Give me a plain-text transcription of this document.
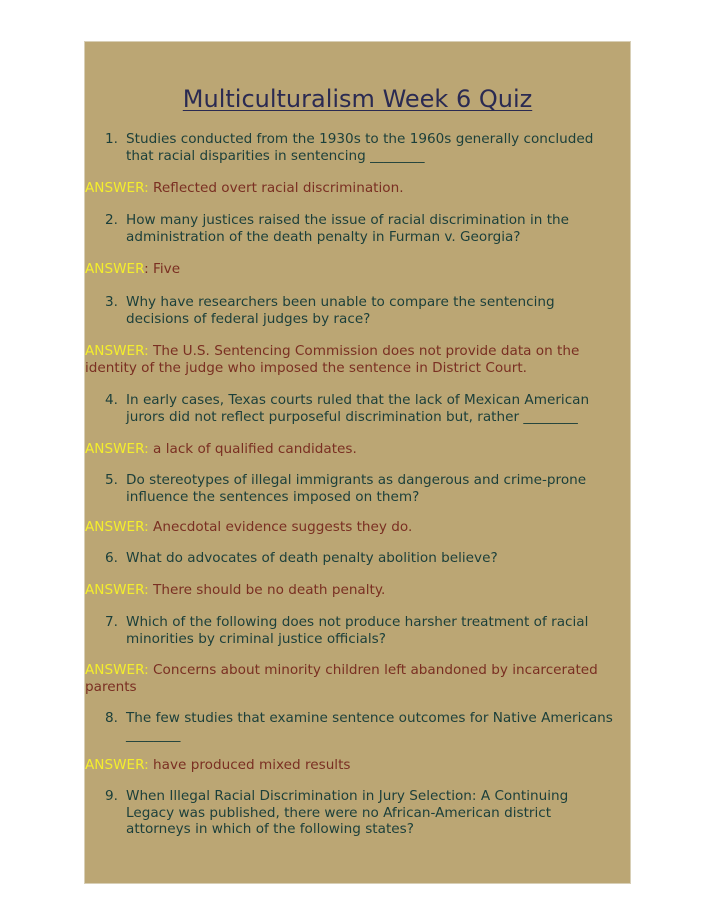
Multiculturalism Week 6 Quiz
1. Studies conducted from the 1930s to the 1960s generally concluded that racial disparities in sentencing ________
ANSWER: Reflected overt racial discrimination.
2. How many justices raised the issue of racial discrimination in the administration of the death penalty in Furman v. Georgia?
ANSWER: Five
3. Why have researchers been unable to compare the sentencing decisions of federal judges by race?
ANSWER: The U.S. Sentencing Commission does not provide data on the identity of the judge who imposed the sentence in District Court.
4. In early cases, Texas courts ruled that the lack of Mexican American jurors did not reflect purposeful discrimination but, rather ________
ANSWER: a lack of qualified candidates.
5. Do stereotypes of illegal immigrants as dangerous and crime-prone influence the sentences imposed on them?
ANSWER: Anecdotal evidence suggests they do.
6. What do advocates of death penalty abolition believe?
ANSWER: There should be no death penalty.
7. Which of the following does not produce harsher treatment of racial minorities by criminal justice officials?
ANSWER: Concerns about minority children left abandoned by incarcerated parents
8. The few studies that examine sentence outcomes for Native Americans ________
ANSWER: have produced mixed results
9. When Illegal Racial Discrimination in Jury Selection: A Continuing Legacy was published, there were no African-American district attorneys in which of the following states?
